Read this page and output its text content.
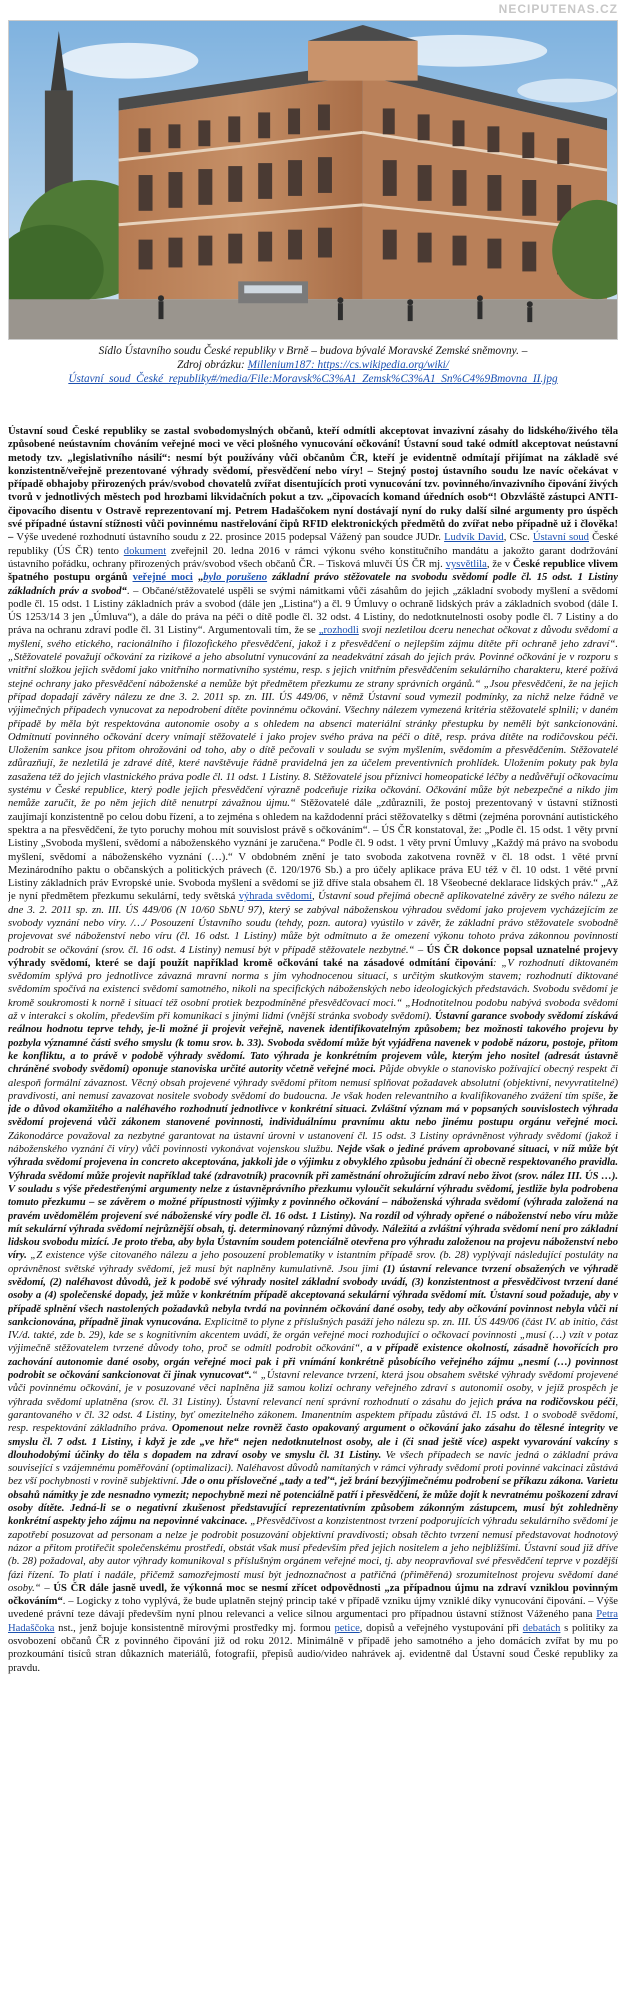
NECIPUTENAS.CZ
Sídlo Ústavního soudu České republiky v Brně – budova bývalé Moravské Zemské sněmovny. –
Zdroj obrázku: Millenium187: https://cs.wikipedia.org/wiki/Ústavní_soud_České_republiky#/media/File:Moravsk%C3%A1_Zemsk%C3%A1_Sn%C4%9Bmovna_II.jpg

Ústavní soud České republiky se zastal svobodomyslných občanů, kteří odmítli akceptovat invazivní zásahy do lidského/živého těla způsobené neústavním chováním veřejné moci ve věci plošného vynucování očkování! Ústavní soud také odmítl akceptovat neústavní metody tzv. „legislativního násilí“: nesmí být používány vůči občanům ČR, kteří je evidentně odmítají přijímat na základě své konzistentně/veřejně prezentované výhrady svědomí, přesvědčení nebo víry! – Stejný postoj ústavního soudu lze navíc očekávat v případě obhajoby přirozených práv/svobod chovatelů zvířat disentujících proti vynucování tzv. povinného/invazivního čipování živých tvorů v jednotlivých městech pod hrozbami likvidačních pokut a tzv. „čipovacích komand úředních osob“! Obzvláště zástupci ANTI-čipovacího disentu v Ostravě reprezentovaní mj. Petrem Hadaščokem nyní dostávají nyní do ruky další silné argumenty pro úspěch své případné ústavní stížnosti vůči povinnému nastřelování čipů RFID elektronických předmětů do zvířat nebo případně už i člověka! – Výše uvedené rozhodnutí ústavního soudu z 22. prosince 2015 podepsal Vážený pan soudce JUDr. Ludvík David, CSc. Ústavní soud České republiky (ÚS ČR) tento dokument zveřejnil 20. ledna 2016 v rámci výkonu svého konstitučního mandátu a jakožto garant dodržování ústavního pořádku, ochrany přirozených práv/svobod všech občanů ČR. – Tisková mluvčí ÚS ČR mj. vysvětlila, že v České republice vlivem špatného postupu orgánů veřejné moci „bylo porušeno základní právo stěžovatele na svobodu svědomí podle čl. 15 odst. 1 Listiny základních práv a svobod“. – Občané/stěžovatelé uspěli se svými námitkami vůči zásahům do jejich „základní svobody myšlení a svědomí podle čl. 15 odst. 1 Listiny základních práv a svobod (dále jen „Listina“) a čl. 9 Úmluvy o ochraně lidských práv a základních svobod (dále I. ÚS 1253/14 3 jen „Úmluva“), a dále do práva na péči o dítě podle čl. 32 odst. 4 Listiny, do nedotknutelnosti osoby podle čl. 7 Listiny a do práva na ochranu zdraví podle čl. 31 Listiny“. Argumentovali tím, že se „rozhodli svoji nezletilou dceru nenechat očkovat z důvodu svědomí a myšlení, svého etického, racionálního i filozofického přesvědčení, jakož i z přesvědčení o nejlepším zájmu dítěte při ochraně jeho zdraví“. „Stěžovatelé považují očkování za rizikové a jeho absolutní vynucování za neadekvátní zásah do jejich práv. Povinné očkování je v rozporu s vnitřní složkou jejich svědomí jako vnitřního normativního systému, resp. s jejich vnitřním přesvědčením sekulárního charakteru, které požívá stejné ochrany jako přesvědčení náboženské a nemůže být předmětem přezkumu ze strany správních orgánů.“ „Jsou přesvědčeni, že na jejich případ dopadají závěry nálezu ze dne 3. 2. 2011 sp. zn. III. ÚS 449/06, v němž Ústavní soud vymezil podmínky, za nichž nelze řádně ve výjimečných případech vynucovat za nepodrobení dítěte povinnému očkování. Všechny nálezem vymezená kritéria stěžovatelé splnili; v daném případě by měla být respektována autonomie osoby a s ohledem na absenci materiální stránky přestupku by neměli být sankcionováni. Odmítnutí povinného očkování dcery vnímají stěžovatelé i jako projev svého práva na péči o dítě, resp. práva dítěte na rodičovskou péči. Uložením sankce jsou přitom ohrožováni od toho, aby o dítě pečovali v souladu se svým myšlením, svědomím a přesvědčením. Stěžovatelé zdůrazňují, že nezletilá je zdravé dítě, které navštěvuje řádně pravidelná jen za účelem preventivních prohlídek. Uložením pokuty pak byla zasažena též do jejich vlastnického práva podle čl. 11 odst. 1 Listiny. 8. Stěžovatelé jsou příznivci homeopatické léčby a nedůvěřují očkovacímu systému v České republice, který podle jejich přesvědčení výrazně podceňuje rizika očkování. Očkování může být nebezpečné a nikdo jim nemůže zaručit, že po něm jejich dítě nenutrpí závažnou újmu.“ Stěžovatelé dále „zdůraznili, že postoj prezentovaný v ústavní stížnosti zaujímají konzistentně po celou dobu řízení, a to zejména s ohledem na každodenní práci stěžovatelky s dětmi (zejména porovnání autistického spektra a na přesvědčení, že tyto poruchy mohou mít souvislost právě s očkováním“. – ÚS ČR konstatoval, že: „Podle čl. 15 odst. 1 věty první Listiny „Svoboda myšlení, svědomí a náboženského vyznání je zaručena.“ Podle čl. 9 odst. 1 věty první Úmluvy „Každý má právo na svobodu myšlení, svědomí a náboženského vyznání (…).“ V obdobném znění je tato svoboda zakotvena rovněž v čl. 18 odst. 1 věté první Mezinárodního paktu o občanských a politických právech (č. 120/1976 Sb.) a pro účely aplikace práva EU též v čl. 10 odst. 1 věté první Listiny základních práv Evropské unie. Svoboda myšlení a svědomí se již dříve stala obsahem čl. 18 Všeobecné deklarace lidských práv.“ „Až je nyní předmětem přezkumu sekulární, tedy světská výhrada svědomí, Ústavní soud přejímá obecně aplikovatelné závěry ze svého nálezu ze dne 3. 2. 2011 sp. zn. III. ÚS 449/06 (N 10/60 SbNU 97), který se zabýval náboženskou výhradou svědomí jako projevem vycházejícím ze svobody vyznání nebo víry. /…/ Posouzení Ústavního soudu (tehdy, pozn. autora) vyústilo v závěr, že základní právo stěžovatele svobodně projevovat své náboženství nebo víru (čl. 16 odst. 1 Listiny) může být odmítnuto a že omezení výkonu tohoto práva zákonnou povinností podrobit se očkování (srov. čl. 16 odst. 4 Listiny) nemusí být v případě stěžovatele nezbytné.“ – ÚS ČR dokonce popsal uznatelné projevy výhrady svědomí, které se dají použít například kromě očkování také na zásadové odmítání čipování: „V rozhodnutí diktovaném svědomím splývá pro jednotlivce závazná mravní norma s jím vyhodnocenou situací, s určitým skutkovým stavem; rozhodnutí diktované svědomím spočívá na existenci svědomí samotného, nikoli na specifických náboženských nebo ideologických představách. Svobodu svědomí je kromě soukromosti k norně i situací též osobní protiek bezpodmíněné přesvědčovací moci.“ „Hodnotitelnou podobu nabývá svoboda svědomí až v interakci s okolím, především při komunikaci s jinými lidmi (vnější stránka svobody svědomí). Ústavní garance svobody svědomí získává reálnou hodnotu teprve tehdy, je-li možné ji projevit veřejně, navenek identifikovatelným způsobem; bez možnosti takového projevu by pozbyla významné části svého smyslu (k tomu srov. b. 33). Svoboda svědomí může být vyjádřena navenek v podobě názoru, postoje, přitom ke konfliktu, a to právě v podobě výhrady svědomí. Tato výhrada je konkrétním projevem vůle, kterým jeho nositel (adresát ústavně chráněné svobody svědomí) oponuje stanoviska určité autority včetně veřejné moci. Půjde obvykle o stanovisko požívající obecný respekt či alespoň formální závaznost. Věcný obsah projevené výhrady svědomí přitom nemusí splňovat požadavek absolutní (objektivní, nevyvratitelné) pravdivosti, ani nemusí zavazovat nositele svobody svědomí do budoucna. Je však hoden relevantního a kvalifikovaného zvážení tím spíše, že jde o důvod okamžitého a naléhavého rozhodnutí jednotlivce v konkrétní situaci. Zvláštní význam má v popsaných souvislostech výhrada svědomí projevená vůči zákonem stanovené povinnosti, individuálnímu pravnímu aktu nebo jinému postupu orgánu veřejné moci. Zákonodárce považoval za nezbytné garantovat na ústavní úrovni v ustanovení čl. 15 odst. 3 Listiny oprávněnost výhrady svědomí (jakož i náboženského vyznání či víry) vůči povinnosti vykonávat vojenskou službu. Nejde však o jediné právem aprobované situaci, v níž může být výhrada svědomí projevena in concreto akceptována, jakkoli jde o výjimku z obvyklého způsobu jednání či obecně respektovaného pravidla. Výhrada svědomí může projevit například také (zdravotník) pracovník při zaměstnání ohrožujícím zdraví nebo život (srov. nález III. ÚS …). V souladu s výše předestřenými argumenty nelze z ústavněprávního přezkumu vyloučit sekulární výhradu svědomí, jestliže byla podrobena tomuto přezkumu – se závěrem o možné přípustnosti výjimky z povinného očkování – náboženská výhrada svědomí (výhrada založená na pravém uvědomělém projevení své náboženské víry podle čl. 16 odst. 1 Listiny). Na rozdíl od výhrady opřené o náboženství nebo víru může mít sekulární výhrada svědomí nejrůznější obsah, tj. determinovaný různými důvody. Náležitá a zvláštní výhrada svědomí není pro základní lidskou svobodu mizící. Je proto třeba, aby byla Ústavním soudem potenciálně otevřena pro výhradu založenou na projevu náboženství nebo víry. „Z existence výše citovaného nálezu a jeho posouzení problematiky v istantním případě srov. (b. 28) vyplývají následující postuláty na oprávněnost světské výhrady svědomí, jež musí být naplněny kumulativně. Jsou jimi (1) ústavní relevance tvrzení obsažených ve výhradě svědomí, (2) naléhavost důvodů, jež k podobě své výhrady nositel základní svobody uvádí, (3) konzistentnost a přesvědčivost tvrzení dané osoby a (4) společenské dopady, jež může v konkrétním případě akceptovaná sekulární výhrada svědomí mít. Ústavní soud požaduje, aby v případě splnění všech nastolených požadavků nebyla tvrdá na povinném očkování dané osoby, tedy aby očkování povinnost nebyla vůči ní sankcionována, případně jinak vynucována. Explicitně to plyne z příslušných pasáží jeho nálezu sp. zn. III. ÚS 449/06 (část IV. ab initio, část IV./d. takté, zde b. 29), kde se s kognitivním akcentem uvádí, že orgán veřejné moci rozhodující o očkovací povinnosti „musí (…) vzít v potaz výjimečně stěžovatelem tvrzené důvody toho, proč se odmítl podrobit očkování“, a v případě existence okolností, zásadně hovořících pro zachování autonomie dané osoby, orgán veřejné moci pak i při vnímání konkrétně působícího veřejného zájmu „nesmí (…) povinnost podrobit se očkování sankcionovat či jinak vynucovat“.“ „Ústavní relevance tvrzení, která jsou obsahem světské výhrady svědomí projevené vůči povinnému očkování, je v posuzované věci naplněna již samou kolizí ochrany veřejného zdraví s autonomií osoby, v jejíž prospěch je výhrada svědomí uplatněna (srov. čl. 31 Listiny). Ústavní relevancí není správní rozhodnutí o zásahu do jejich práva na rodičovskou péči, garantovaného v čl. 32 odst. 4 Listiny, byť omezitelného zákonem. Imanentním aspektem případu zůstává čl. 15 odst. 1 o svobodě svědomí, resp. respektování základního práva. Opomenout nelze rovněž často opakovaný argument o očkování jako zásahu do tělesné integrity ve smyslu čl. 7 odst. 1 Listiny, i když je zde „ve hře“ nejen nedotknutelnost osoby, ale i (či snad ještě více) aspekt vyvarování vakcíny s dlouhodobými účinky do těla s dopadem na zdraví osoby ve smyslu čl. 31 Listiny. Ve všech případech se navíc jedná o základní práva související s vzájemnému poměřování (optimalizaci). Naléhavost důvodů namítaných v rámci výhrady svědomí proti povinné vakcinaci zůstává bez vší pochybnosti v rovině subjektivní. Jde o onu příslovečné „tady a teď“, jež brání bezvýjimečnému podrobení se příkazu zákona. Varietu obsahů námitky je zde nesnadno vymezit; nepochybně mezi ně potenciálně patří i přesvědčení, že může dojít k nevratnému poškození zdraví osoby dítěte. Jedná-li se o negativní zkušenost představující reprezentativním způsobem zákonným zástupcem, musí být zohledněny konkrétní aspekty jeho zájmu na nepovinné vakcinace. „Přesvědčivost a konzistentnost tvrzení podporujících výhradu sekulárního svědomí je zapotřebí posuzovat ad personam a nelze je podrobit posuzování objektivní pravdivosti; obsah těchto tvrzení nemusí představovat hodnotový názor a přitom protiřečit společenskému prostředí, obstát však musí především před jejich nositelem a jeho nejbližšími. Ústavní soud již dříve (b. 28) požadoval, aby autor výhrady komunikoval s příslušným orgánem veřejné moci, tj. aby neopravňoval své přesvědčení teprve v pozdější fázi řízení. To platí i nadále, přičemž samozřejmostí musí být jednoznačnost a patřičná (přiměřená) srozumitelnost projevu svědomí dané osoby.“ – ÚS ČR dále jasně uvedl, že výkonná moc se nesmí zřícet odpovědnosti „za případnou újmu na zdraví vzniklou povinným očkováním“. – Logicky z toho vyplývá, že bude uplatněn stejný princip také v případě vzniku újmy vzniklé díky vynucování čipování. – Výše uvedené právní teze dávají především nyní plnou relevanci a velice silnou argumentaci pro případnou ústavní stížnost Váženého pana Petra Hadaščoka nst., jenž bojuje konsistentně mírovými prostředky mj. formou petice, dopisů a veřejného vystupování při debatách s politiky za osvobození občanů ČR z povinného čipování již od roku 2012. Minimálně v případě jeho samotného a jeho domácích zvířat by mu po prozkoumání tisíců stran důkazních materiálů, fotografií, přepisů audio/video nahrávek aj. evidentně dal Ústavní soud České republiky za pravdu.
